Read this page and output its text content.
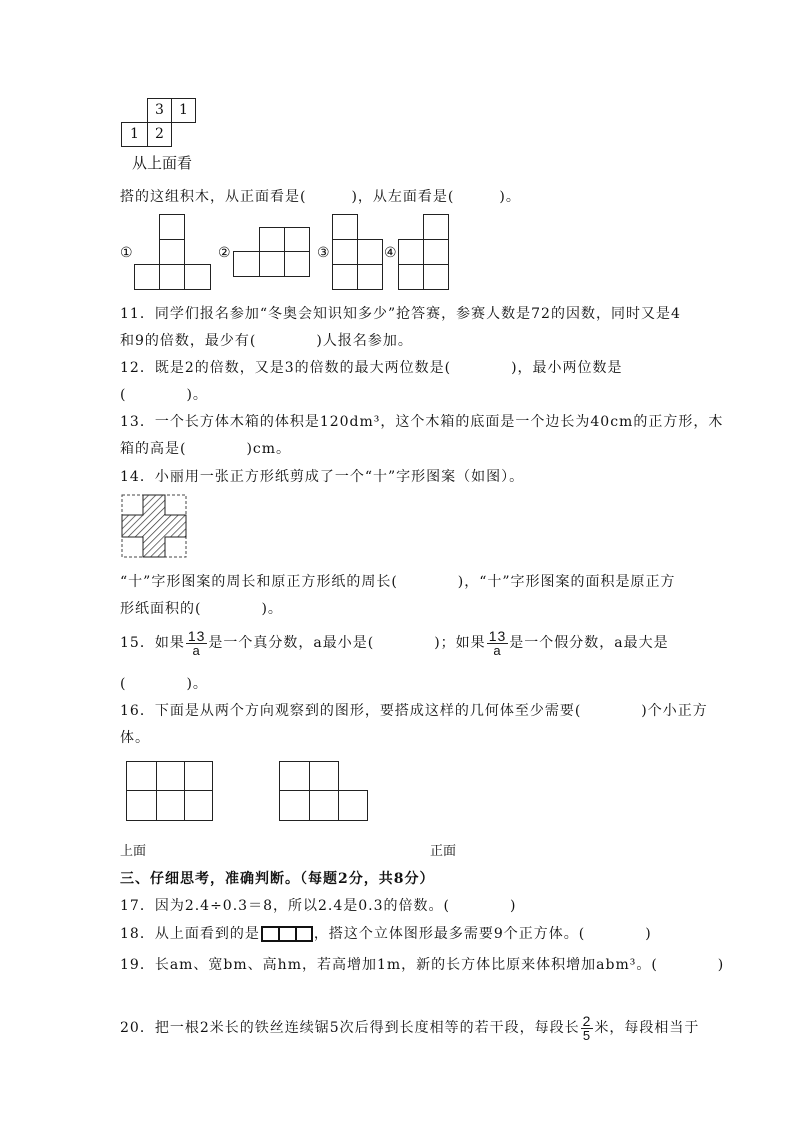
3	1
1	2
从上面看
搭的这组积木，从正面看是(　　　)，从左面看是(　　　)。
①	②	③	④
11．同学们报名参加“冬奥会知识知多少”抢答赛，参赛人数是72的因数，同时又是4
和9的倍数，最少有(　　　　)人报名参加。
12．既是2的倍数，又是3的倍数的最大两位数是(　　　　)，最小两位数是
(　　　　)。
13．一个长方体木箱的体积是120dm³，这个木箱的底面是一个边长为40cm的正方形，木
箱的高是(　　　　)cm。
14．小丽用一张正方形纸剪成了一个“十”字形图案（如图）。
“十”字形图案的周长和原正方形纸的周长(　　　　)，“十”字形图案的面积是原正方
形纸面积的(　　　　)。
15．如果 $\frac{13}{a}$ 是一个真分数，a最小是(　　　　)；如果 $\frac{13}{a}$ 是一个假分数，a最大是
(　　　　)。
16．下面是从两个方向观察到的图形，要搭成这样的几何体至少需要(　　　　)个小正方
体。
上面	正面
三、仔细思考，准确判断。（每题2分，共8分）
17．因为2.4÷0.3＝8，所以2.4是0.3的倍数。(　　　　)
18．从上面看到的是	，搭这个立体图形最多需要9个正方体。(　　　　)
19．长am、宽bm、高hm，若高增加1m，新的长方体比原来体积增加abm³。(　　　　)
20．把一根2米长的铁丝连续锯5次后得到长度相等的若干段，每段长 $\frac{2}{5}$ 米，每段相当于
